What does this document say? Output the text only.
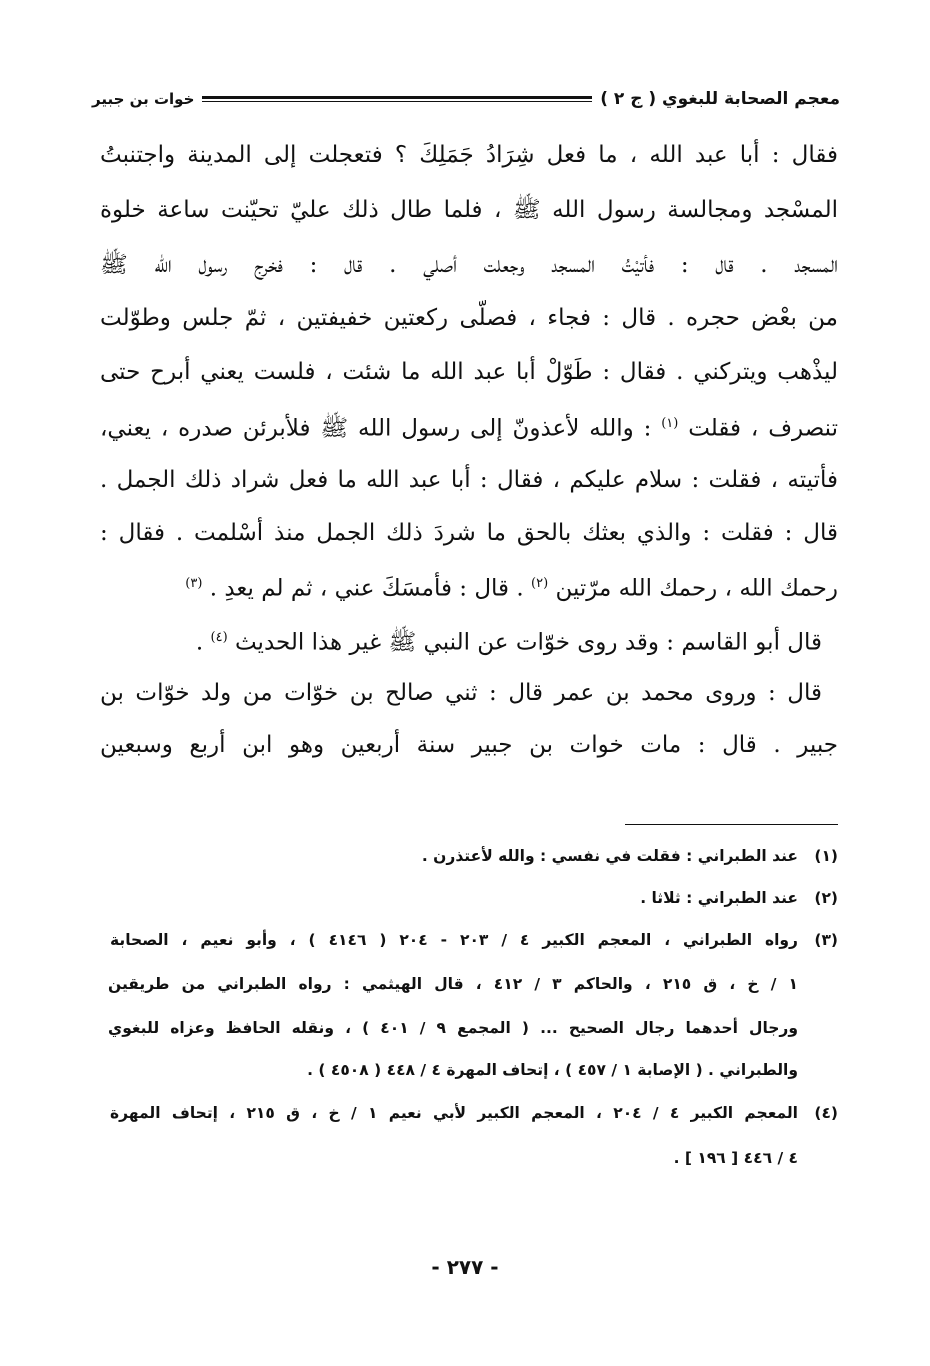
معجم الصحابة للبغوي ( ج ٢ )
خوات بن جبير
فقال : أبا عبد الله ، ما فعل شِرَادُ جَمَلِكَ ؟ فتعجلت إلى المدينة واجتنبتُ
المسْجد ومجالسة رسول الله ﷺ ، فلما طال ذلك عليّ تحيّنت ساعة خلوة
المسجد . قال : فأتيْتُ المسجد وجعلت أصلي . قال : فخرج رسول الله ﷺ
من بعْض حجره . قال : فجاء ، فصلّى ركعتين خفيفتين ، ثمّ جلس وطوّلت
ليذْهب ويتركني . فقال : طَوّلْ أبا عبد الله ما شئت ، فلست يعني أبرح حتى
تنصرف ، فقلت $^{(١)}$ : والله لأعذونّ إلى رسول الله ﷺ فلأبرئن صدره ، يعني،
فأتيته ، فقلت : سلام عليكم ، فقال : أبا عبد الله ما فعل شراد ذلك الجمل .
قال : فقلت : والذي بعثك بالحق ما شردَ ذلك الجمل منذ أسْلمت . فقال :
رحمك الله ، رحمك الله مرّتين $^{(٢)}$ . قال : فأمسَكَ عني ، ثم لم يعدِ . $^{(٣)}$
قال أبو القاسم : وقد روى خوّات عن النبي ﷺ غير هذا الحديث $^{(٤)}$ .
قال : وروى محمد بن عمر قال : ثني صالح بن خوّات من ولد خوّات بن
جبير . قال : مات خوات بن جبير سنة أربعين وهو ابن أربع وسبعين
(١)عند الطبراني : فقلت في نفسي : والله لأعتذرن .
(٢)عند الطبراني : ثلاثا .
(٣)رواه الطبراني ، المعجم الكبير ٤ / ٢٠٣ - ٢٠٤ ( ٤١٤٦ ) ، وأبو نعيم ، الصحابة
١ / خ ، ق ٢١٥ ، والحاكم ٣ / ٤١٢ ، قال الهيثمي : رواه الطبراني من طريقين
ورجال أحدهما رجال الصحيح ... ( المجمع ٩ / ٤٠١ ) ، ونقله الحافظ وعزاه للبغوي
والطبراني . ( الإصابة ١ / ٤٥٧ ) ، إتحاف المهرة ٤ / ٤٤٨ ( ٤٥٠٨ ) .
(٤)المعجم الكبير ٤ / ٢٠٤ ، المعجم الكبير لأبي نعيم ١ / خ ، ق ٢١٥ ، إتحاف المهرة
٤ / ٤٤٦ [ ١٩٦ ] .
- ٢٧٧ -
